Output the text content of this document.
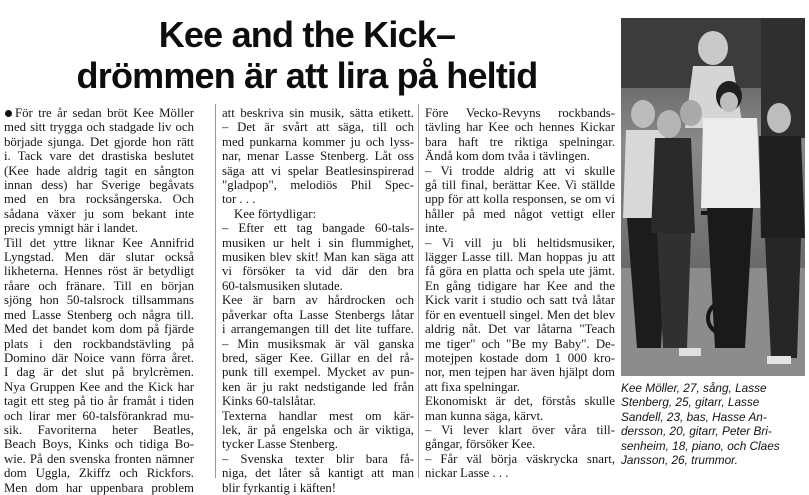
Kee and the Kick–
drömmen är att lira på heltid
För tre år sedan bröt Kee Möller
med sitt trygga och stadgade liv och
började sjunga. Det gjorde hon rätt
i. Tack vare det drastiska beslutet
(Kee hade aldrig tagit en sångton
innan dess) har Sverige begåvats
med en bra rocksångerska. Och
sådana växer ju som bekant inte
precis ymnigt här i landet.
Till det yttre liknar Kee Annifrid
Lyngstad. Men där slutar också
likheterna. Hennes röst är betydligt
råare och fränare. Till en början
sjöng hon 50-talsrock tillsammans
med Lasse Stenberg och några till.
Med det bandet kom dom på fjärde
plats i den rockbandstävling på
Domino där Noice vann förra året.
I dag är det slut på brylcrèmen.
Nya Gruppen Kee and the Kick har
tagit ett steg på tio år framåt i tiden
och lirar mer 60-talsförankrad mu-
sik. Favoriterna heter Beatles,
Beach Boys, Kinks och tidiga Bo-
wie. På den svenska fronten nämner
dom Uggla, Zkiffz och Rickfors.
Men dom har uppenbara problem
att beskriva sin musik, sätta etikett.
– Det är svårt att säga, till och
med punkarna kommer ju och lyss-
nar, menar Lasse Stenberg. Låt oss
säga att vi spelar Beatlesinspirerad
"gladpop", melodiös Phil Spec-
tor . . .
Kee förtydligar:
– Efter ett tag bangade 60-tals-
musiken ur helt i sin flummighet,
musiken blev skit! Man kan säga att
vi försöker ta vid där den bra
60-talsmusiken slutade.
Kee är barn av hårdrocken och
påverkar ofta Lasse Stenbergs låtar
i arrangemangen till det lite tuffare.
– Min musiksmak är väl ganska
bred, säger Kee. Gillar en del rå-
punk till exempel. Mycket av pun-
ken är ju rakt nedstigande led från
Kinks 60-talslåtar.
Texterna handlar mest om kär-
lek, är på engelska och är viktiga,
tycker Lasse Stenberg.
– Svenska texter blir bara få-
niga, det låter så kantigt att man
blir fyrkantig i käften!
Före Vecko-Revyns rockbands-
tävling har Kee och hennes Kickar
bara haft tre riktiga spelningar.
Ändå kom dom tvåa i tävlingen.
– Vi trodde aldrig att vi skulle
gå till final, berättar Kee. Vi ställde
upp för att kolla responsen, se om vi
håller på med något vettigt eller
inte.
– Vi vill ju bli heltidsmusiker,
lägger Lasse till. Man hoppas ju att
få göra en platta och spela ute jämt.
En gång tidigare har Kee and the
Kick varit i studio och satt två låtar
för en eventuell singel. Men det blev
aldrig nåt. Det var låtarna "Teach
me tiger" och "Be my Baby". De-
motejpen kostade dom 1 000 kro-
nor, men tejpen har även hjälpt dom
att fixa spelningar.
Ekonomiskt är det, förstås skulle
man kunna säga, kärvt.
– Vi lever klart över våra till-
gångar, försöker Kee.
– Får väl börja väskrycka snart,
nickar Lasse . . .
Kee Möller, 27, sång, Lasse
Stenberg, 25, gitarr, Lasse
Sandell, 23, bas, Hasse An-
dersson, 20, gitarr, Peter Bri-
senheim, 18, piano, och Claes
Jansson, 26, trummor.
